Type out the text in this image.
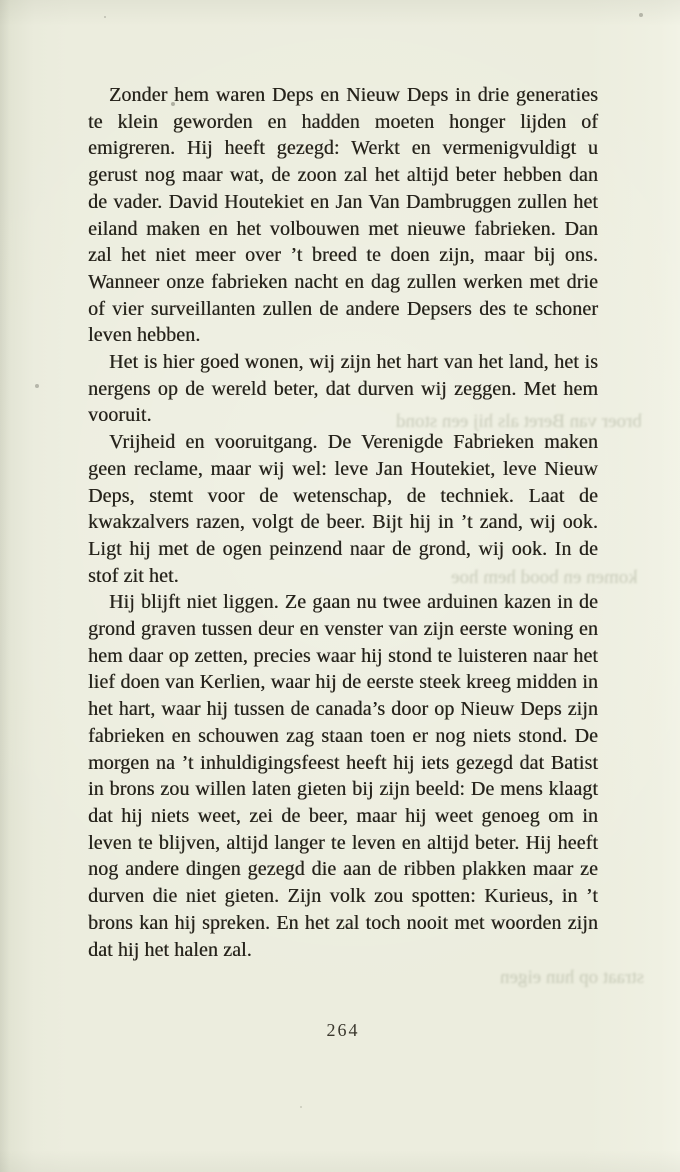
broer van Beret als hij een stond
komen en bood hem hoe
straat op hun eigen

Zonder hem waren Deps en Nieuw Deps in drie generaties te klein geworden en hadden moeten honger lijden of emigreren. Hij heeft gezegd: Werkt en vermenigvuldigt u gerust nog maar wat, de zoon zal het altijd beter hebben dan de vader. David Houtekiet en Jan Van Dambruggen zullen het eiland maken en het volbouwen met nieuwe fabrieken. Dan zal het niet meer over ’t breed te doen zijn, maar bij ons. Wanneer onze fabrieken nacht en dag zullen werken met drie of vier surveillanten zullen de andere Depsers des te schoner leven hebben.

Het is hier goed wonen, wij zijn het hart van het land, het is nergens op de wereld beter, dat durven wij zeggen. Met hem vooruit.

Vrijheid en vooruitgang. De Verenigde Fabrieken maken geen reclame, maar wij wel: leve Jan Houtekiet, leve Nieuw Deps, stemt voor de wetenschap, de techniek. Laat de kwakzalvers razen, volgt de beer. Bijt hij in ’t zand, wij ook. Ligt hij met de ogen peinzend naar de grond, wij ook. In de stof zit het.

Hij blijft niet liggen. Ze gaan nu twee arduinen kazen in de grond graven tussen deur en venster van zijn eerste woning en hem daar op zetten, precies waar hij stond te luisteren naar het lief doen van Kerlien, waar hij de eerste steek kreeg midden in het hart, waar hij tussen de canada’s door op Nieuw Deps zijn fabrieken en schouwen zag staan toen er nog niets stond. De morgen na ’t inhuldigingsfeest heeft hij iets gezegd dat Batist in brons zou willen laten gieten bij zijn beeld: De mens klaagt dat hij niets weet, zei de beer, maar hij weet genoeg om in leven te blijven, altijd langer te leven en altijd beter. Hij heeft nog andere dingen gezegd die aan de ribben plakken maar ze durven die niet gieten. Zijn volk zou spotten: Kurieus, in ’t brons kan hij spreken. En het zal toch nooit met woorden zijn dat hij het halen zal.

264
